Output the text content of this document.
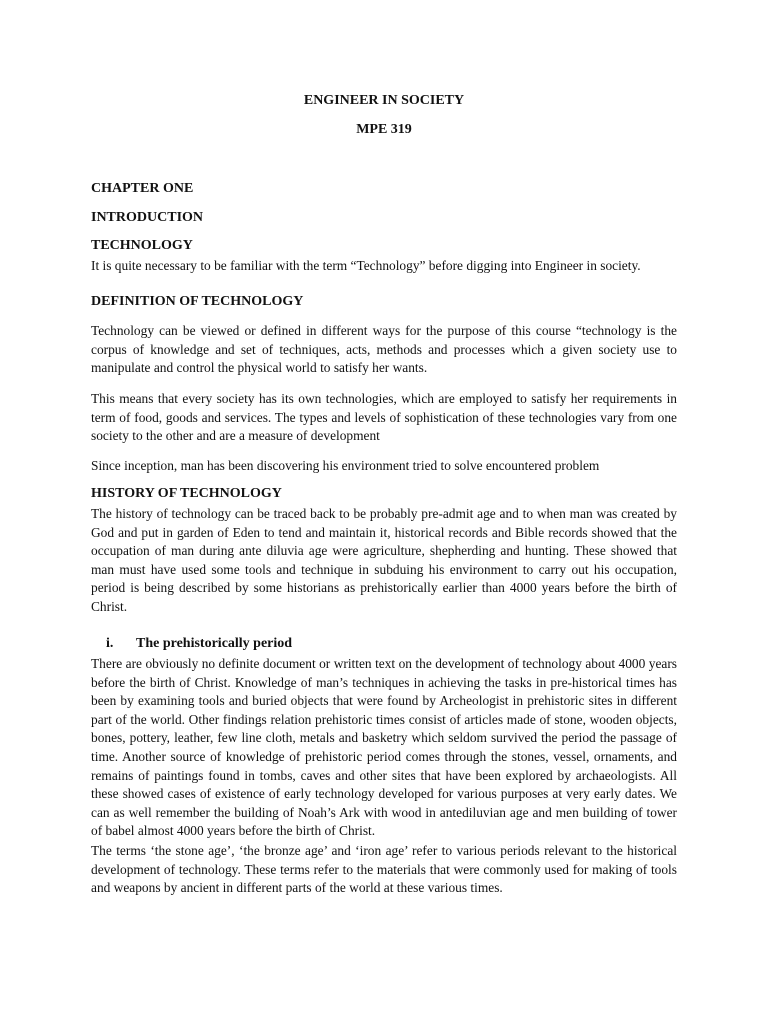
ENGINEER IN SOCIETY
MPE 319
CHAPTER ONE
INTRODUCTION
TECHNOLOGY

It is quite necessary to be familiar with the term “Technology” before digging into Engineer in society.

DEFINITION OF TECHNOLOGY

Technology can be viewed or defined in different ways for the purpose of this course “technology is the corpus of knowledge and set of techniques, acts, methods and processes which a given society use to manipulate and control the physical world to satisfy her wants.

This means that every society has its own technologies, which are employed to satisfy her requirements in term of food, goods and services. The types and levels of sophistication of these technologies vary from one society to the other and are a measure of development

Since inception, man has been discovering his environment tried to solve encountered problem

HISTORY OF TECHNOLOGY

The history of technology can be traced back to be probably pre-admit age and to when man was created by God and put in garden of Eden to tend and maintain it, historical records and Bible records showed that the occupation of man during ante diluvia age were agriculture, shepherding and hunting. These showed that man must have used some tools and technique in subduing his environment to carry out his occupation, period is being described by some historians as prehistorically earlier than 4000 years before the birth of Christ.

i. The prehistorically period

There are obviously no definite document or written text on the development of technology about 4000 years before the birth of Christ. Knowledge of man’s techniques in achieving the tasks in pre-historical times has been by examining tools and buried objects that were found by Archeologist in prehistoric sites in different part of the world. Other findings relation prehistoric times consist of articles made of stone, wooden objects, bones, pottery, leather, few line cloth, metals and basketry which seldom survived the period the passage of time. Another source of knowledge of prehistoric period comes through the stones, vessel, ornaments, and remains of paintings found in tombs, caves and other sites that have been explored by archaeologists. All these showed cases of existence of early technology developed for various purposes at very early dates. We can as well remember the building of Noah’s Ark with wood in antediluvian age and men building of tower of babel almost 4000 years before the birth of Christ.

The terms ‘the stone age’, ‘the bronze age’ and ‘iron age’ refer to various periods relevant to the historical development of technology. These terms refer to the materials that were commonly used for making of tools and weapons by ancient in different parts of the world at these various times.
